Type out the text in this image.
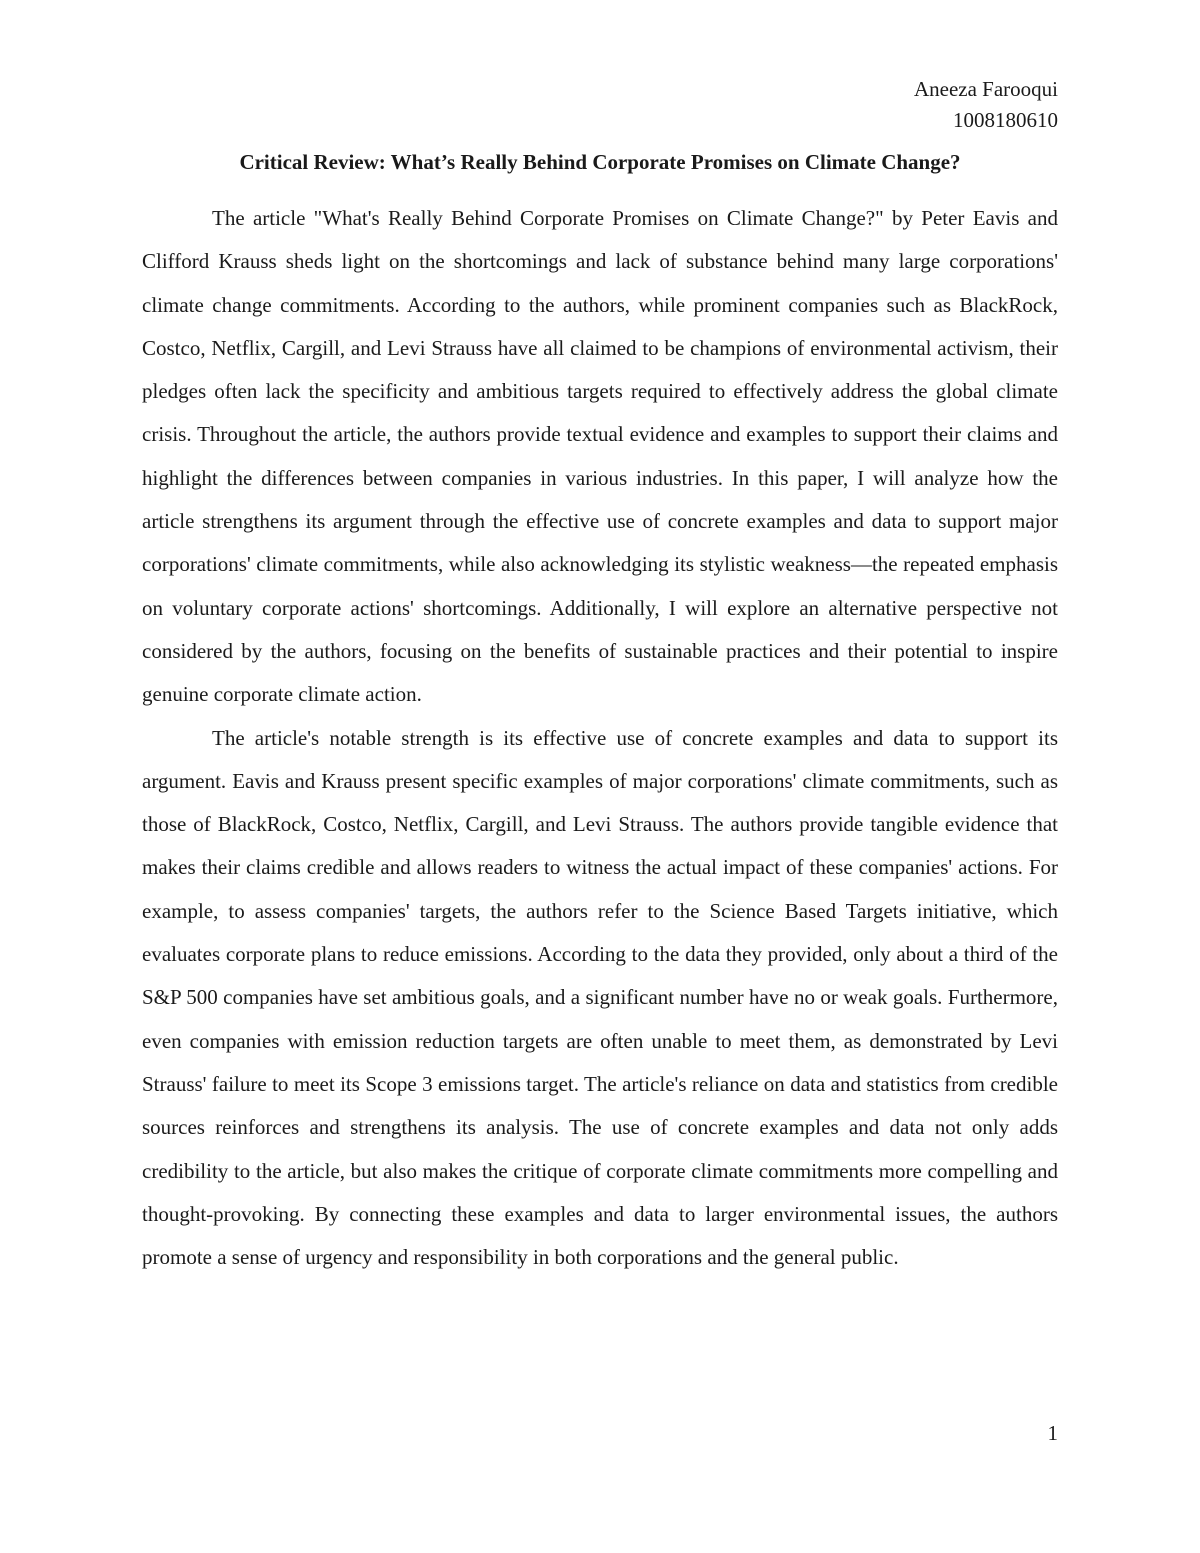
Aneeza Farooqui
1008180610
Critical Review: What’s Really Behind Corporate Promises on Climate Change?

The article "What's Really Behind Corporate Promises on Climate Change?" by Peter Eavis and Clifford Krauss sheds light on the shortcomings and lack of substance behind many large corporations' climate change commitments. According to the authors, while prominent companies such as BlackRock, Costco, Netflix, Cargill, and Levi Strauss have all claimed to be champions of environmental activism, their pledges often lack the specificity and ambitious targets required to effectively address the global climate crisis. Throughout the article, the authors provide textual evidence and examples to support their claims and highlight the differences between companies in various industries. In this paper, I will analyze how the article strengthens its argument through the effective use of concrete examples and data to support major corporations' climate commitments, while also acknowledging its stylistic weakness—the repeated emphasis on voluntary corporate actions' shortcomings. Additionally, I will explore an alternative perspective not considered by the authors, focusing on the benefits of sustainable practices and their potential to inspire genuine corporate climate action.

The article's notable strength is its effective use of concrete examples and data to support its argument. Eavis and Krauss present specific examples of major corporations' climate commitments, such as those of BlackRock, Costco, Netflix, Cargill, and Levi Strauss. The authors provide tangible evidence that makes their claims credible and allows readers to witness the actual impact of these companies' actions. For example, to assess companies' targets, the authors refer to the Science Based Targets initiative, which evaluates corporate plans to reduce emissions. According to the data they provided, only about a third of the S&P 500 companies have set ambitious goals, and a significant number have no or weak goals. Furthermore, even companies with emission reduction targets are often unable to meet them, as demonstrated by Levi Strauss' failure to meet its Scope 3 emissions target. The article's reliance on data and statistics from credible sources reinforces and strengthens its analysis. The use of concrete examples and data not only adds credibility to the article, but also makes the critique of corporate climate commitments more compelling and thought-provoking. By connecting these examples and data to larger environmental issues, the authors promote a sense of urgency and responsibility in both corporations and the general public.

1
